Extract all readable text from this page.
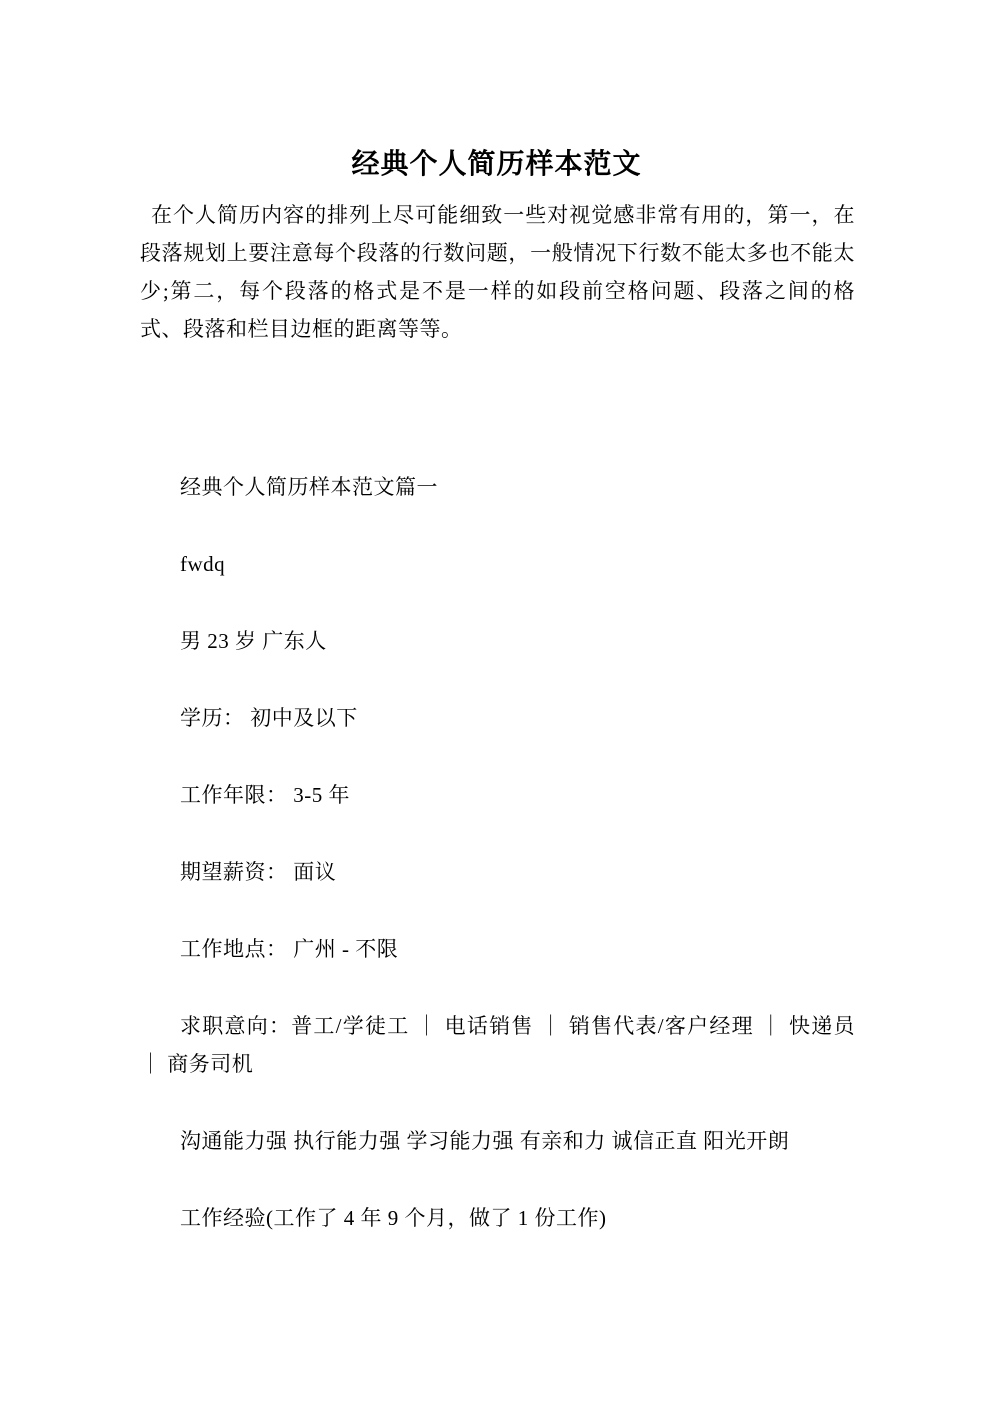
经典个人简历样本范文

在个人简历内容的排列上尽可能细致一些对视觉感非常有用的，第一，在段落规划上要注意每个段落的行数问题，一般情况下行数不能太多也不能太少;第二，每个段落的格式是不是一样的如段前空格问题、段落之间的格式、段落和栏目边框的距离等等。

经典个人简历样本范文篇一

fwdq

男 23 岁 广东人

学历： 初中及以下

工作年限： 3-5 年

期望薪资： 面议

工作地点： 广州 - 不限

求职意向：普工/学徒工 ｜ 电话销售 ｜ 销售代表/客户经理 ｜ 快递员 ｜ 商务司机

沟通能力强 执行能力强 学习能力强 有亲和力 诚信正直 阳光开朗

工作经验(工作了 4 年 9 个月，做了 1 份工作)
